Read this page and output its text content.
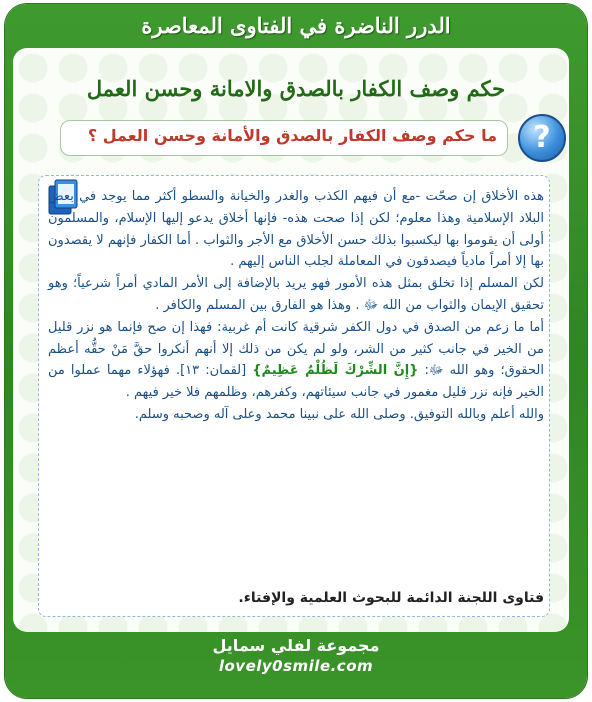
الدرر الناضرة في الفتاوى المعاصرة
حكم وصف الكفار بالصدق والامانة وحسن العمل
ما حكم وصف الكفار بالصدق والأمانة وحسن العمل ؟	?

هذه الأخلاق إن صحّت -مع أن فيهم الكذب والغدر والخيانة والسطو أكثر مما يوجد في بعض البلاد الإسلامية وهذا معلوم؛ لكن إذا صحت هذه- فإنها أخلاق يدعو إليها الإسلام، والمسلمون أولى أن يقوموا بها ليكسبوا بذلك حسن الأخلاق مع الأجر والثواب . أما الكفار فإنهم لا يقصدون بها إلا أمراً مادياً فيصدقون في المعاملة لجلب الناس إليهم .

لكن المسلم إذا تخلق بمثل هذه الأمور فهو يريد بالإضافة إلى الأمر المادي أمراً شرعياً؛ وهو تحقيق الإيمان والثواب من الله ﷻ . وهذا هو الفارق بين المسلم والكافر .

أما ما زعم من الصدق في دول الكفر شرقية كانت أم غربية: فهذا إن صح فإنما هو نزر قليل من الخير في جانب كثير من الشر، ولو لم يكن من ذلك إلا أنهم أنكروا حقَّ مَنْ حقُّه أعظم الحقوق؛ وهو الله ﷻ: {إِنَّ الشِّرْكَ لَظُلْمٌ عَظِيمٌ} [لقمان: ١٣]. فهؤلاء مهما عملوا من الخير فإنه نزر قليل مغمور في جانب سيئاتهم، وكفرهم، وظلمهم فلا خير فيهم .

والله أعلم وبالله التوفيق. وصلى الله على نبينا محمد وعلى آله وصحبه وسلم.

فتاوى اللجنة الدائمة للبحوث العلمية والإفتاء.
مجموعة لفلي سمايل
lovely0smile.com
